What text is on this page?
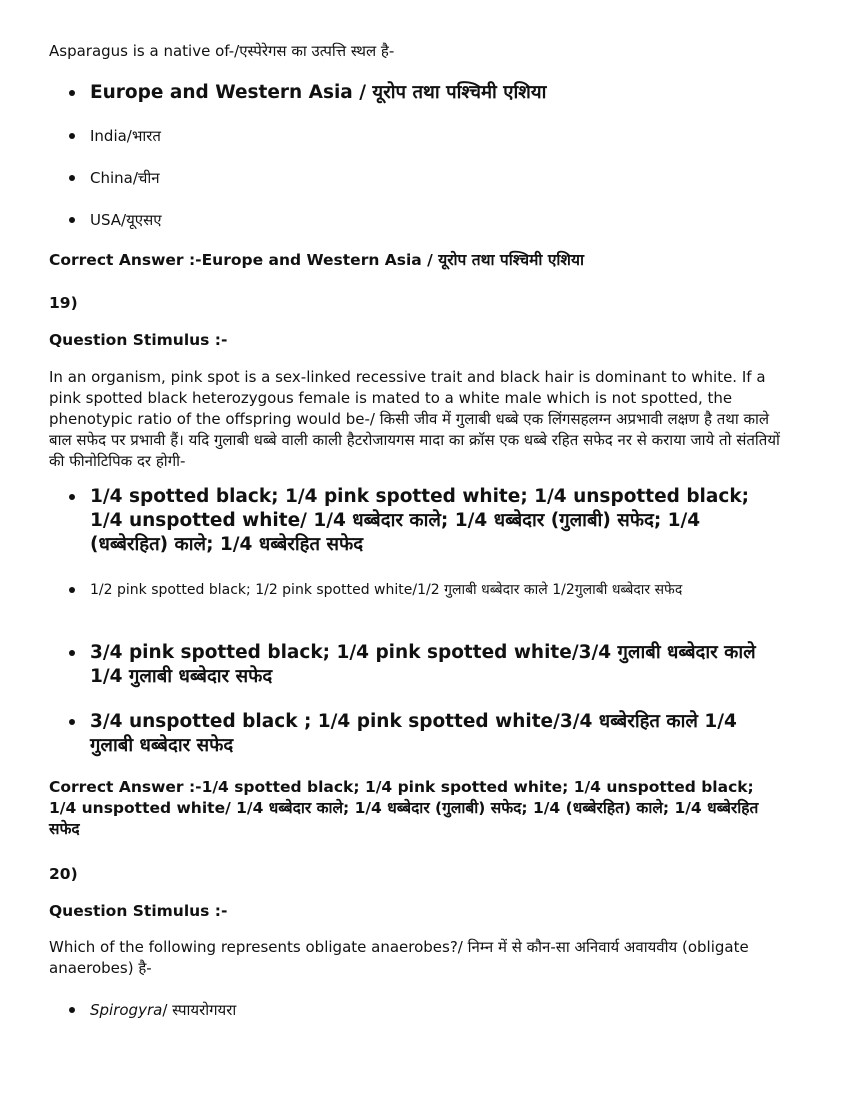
Asparagus is a native of-/एस्पेरेगस का उत्पत्ति स्थल है-
Europe and Western Asia / यूरोप तथा पश्चिमी एशिया
India/भारत
China/चीन
USA/यूएसए
Correct Answer :-Europe and Western Asia / यूरोप तथा पश्चिमी एशिया
19)
Question Stimulus :-
In an organism, pink spot is a sex-linked recessive trait and black hair is dominant to white. If a pink spotted black heterozygous female is mated to a white male which is not spotted, the phenotypic ratio of the offspring would be-/ किसी जीव में गुलाबी धब्बे एक लिंगसहलग्न अप्रभावी लक्षण है तथा काले बाल सफेद पर प्रभावी हैं। यदि गुलाबी धब्बे वाली काली हैटरोजायगस मादा का क्रॉस एक धब्बे रहित सफेद नर से कराया जाये तो संततियों की फीनोटिपिक दर होगी-
1/4 spotted black; 1/4 pink spotted white; 1/4 unspotted black; 1/4 unspotted white/ 1/4 धब्बेदार काले; 1/4 धब्बेदार (गुलाबी) सफेद; 1/4 (धब्बेरहित) काले; 1/4 धब्बेरहित सफेद
1/2 pink spotted black; 1/2 pink spotted white/1/2 गुलाबी धब्बेदार काले 1/2गुलाबी धब्बेदार सफेद
3/4 pink spotted black; 1/4 pink spotted white/3/4 गुलाबी धब्बेदार काले 1/4 गुलाबी धब्बेदार सफेद
3/4 unspotted black ; 1/4 pink spotted white/3/4 धब्बेरहित काले 1/4 गुलाबी धब्बेदार सफेद
Correct Answer :-1/4 spotted black; 1/4 pink spotted white; 1/4 unspotted black; 1/4 unspotted white/ 1/4 धब्बेदार काले; 1/4 धब्बेदार (गुलाबी) सफेद; 1/4 (धब्बेरहित) काले; 1/4 धब्बेरहित सफेद
20)
Question Stimulus :-
Which of the following represents obligate anaerobes?/ निम्न में से कौन-सा अनिवार्य अवायवीय (obligate anaerobes) है-
Spirogyra/ स्पायरोगयरा
